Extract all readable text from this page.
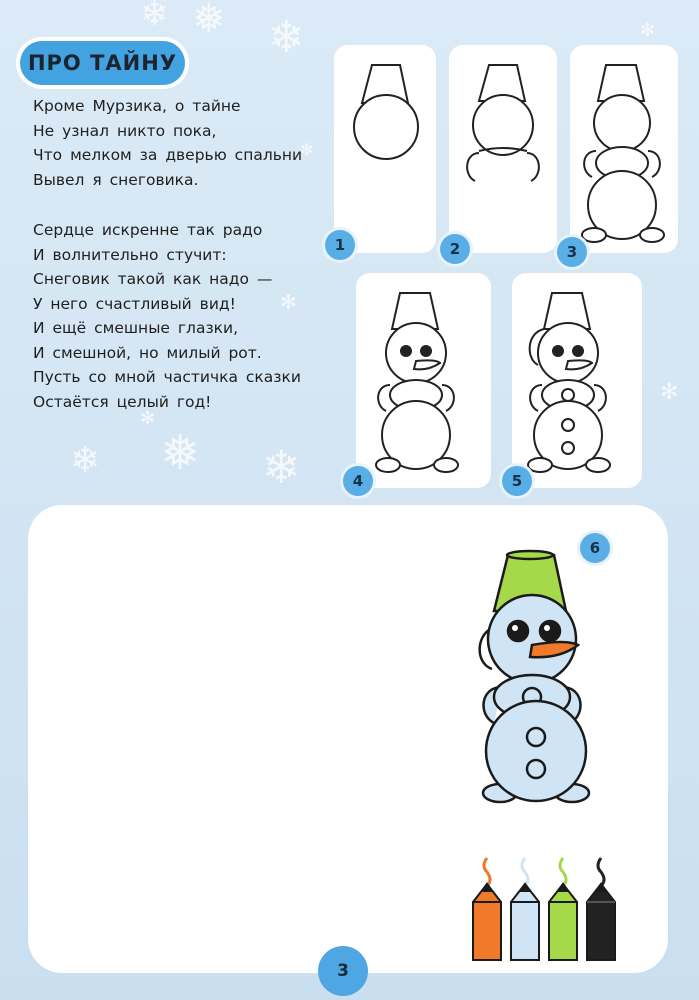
❄ ❅ ❄
❄ ❅ ❄
✻
✻
✻
✻
✻
ПРО ТАЙНУ
Кроме Мурзика, о тайне
Не узнал никто пока,
Что мелком за дверью спальни
Вывел я снеговика.
Сердце искренне так радо
И волнительно стучит:
Снеговик такой как надо —
У него счастливый вид!
И ещё смешные глазки,
И смешной, но милый рот.
Пусть со мной частичка сказки
Остаётся целый год!
1	2	3
4	5
6
3
